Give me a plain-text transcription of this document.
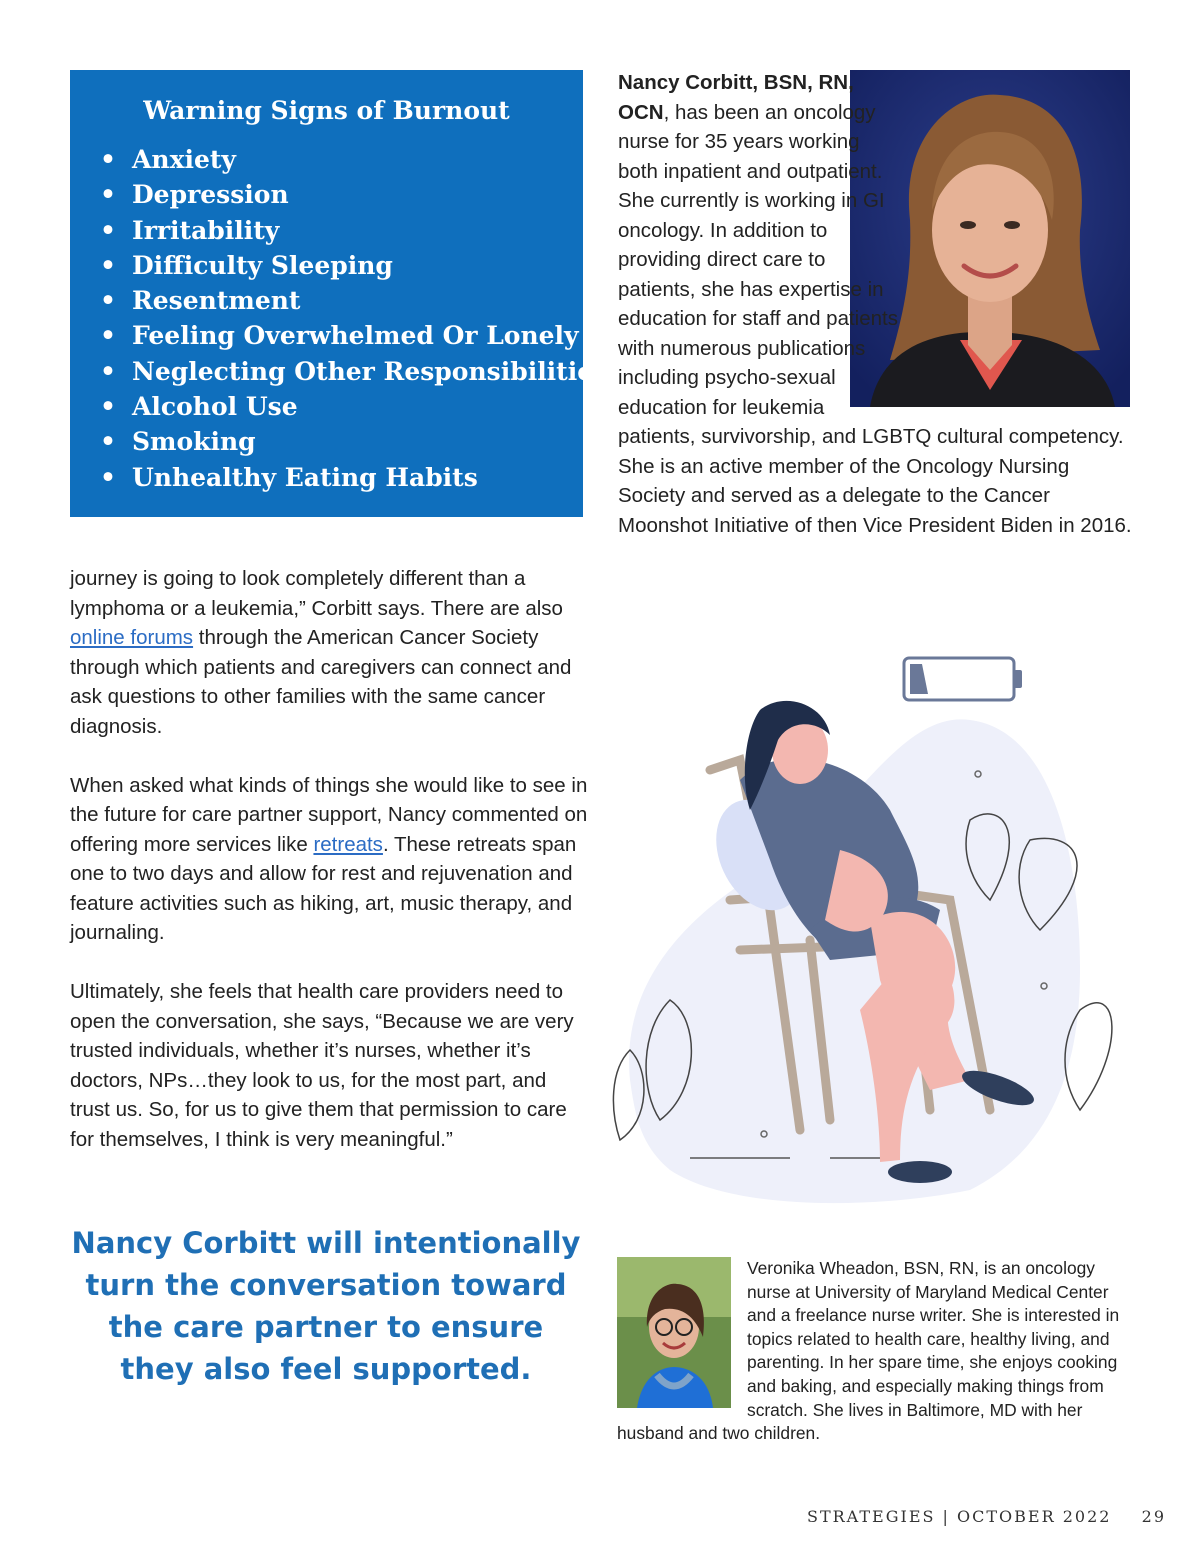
Warning Signs of Burnout
• Anxiety
• Depression
• Irritability
• Difficulty Sleeping
• Resentment
• Feeling Overwhelmed Or Lonely
• Neglecting Other Responsibilities
• Alcohol Use
• Smoking
• Unhealthy Eating Habits

journey is going to look completely different than a lymphoma or a leukemia,” Corbitt says. There are also online forums through the American Cancer Society through which patients and caregivers can connect and ask questions to other families with the same cancer diagnosis.

When asked what kinds of things she would like to see in the future for care partner support, Nancy commented on offering more services like retreats. These retreats span one to two days and allow for rest and rejuvenation and feature activities such as hiking, art, music therapy, and journaling.

Ultimately, she feels that health care providers need to open the conversation, she says, “Because we are very trusted individuals, whether it’s nurses, whether it’s doctors, NPs…they look to us, for the most part, and trust us. So, for us to give them that permission to care for themselves, I think is very meaningful.”

Nancy Corbitt will intentionally turn the conversation toward the care partner to ensure they also feel supported.
Nancy Corbitt, BSN, RN, OCN, has been an oncology nurse for 35 years working both inpatient and outpatient. She currently is working in GI oncology. In addition to providing direct care to patients, she has expertise in education for staff and patients with numerous publications including psycho-sexual education for leukemia patients, survivorship, and LGBTQ cultural competency. She is an active member of the Oncology Nursing Society and served as a delegate to the Cancer Moonshot Initiative of then Vice President Biden in 2016.
Veronika Wheadon, BSN, RN, is an oncology nurse at University of Maryland Medical Center and a freelance nurse writer. She is interested in topics related to health care, healthy living, and parenting. In her spare time, she enjoys cooking and baking, and especially making things from scratch. She lives in Baltimore, MD with her husband and two children.
STRATEGIES | OCTOBER 2022 29
